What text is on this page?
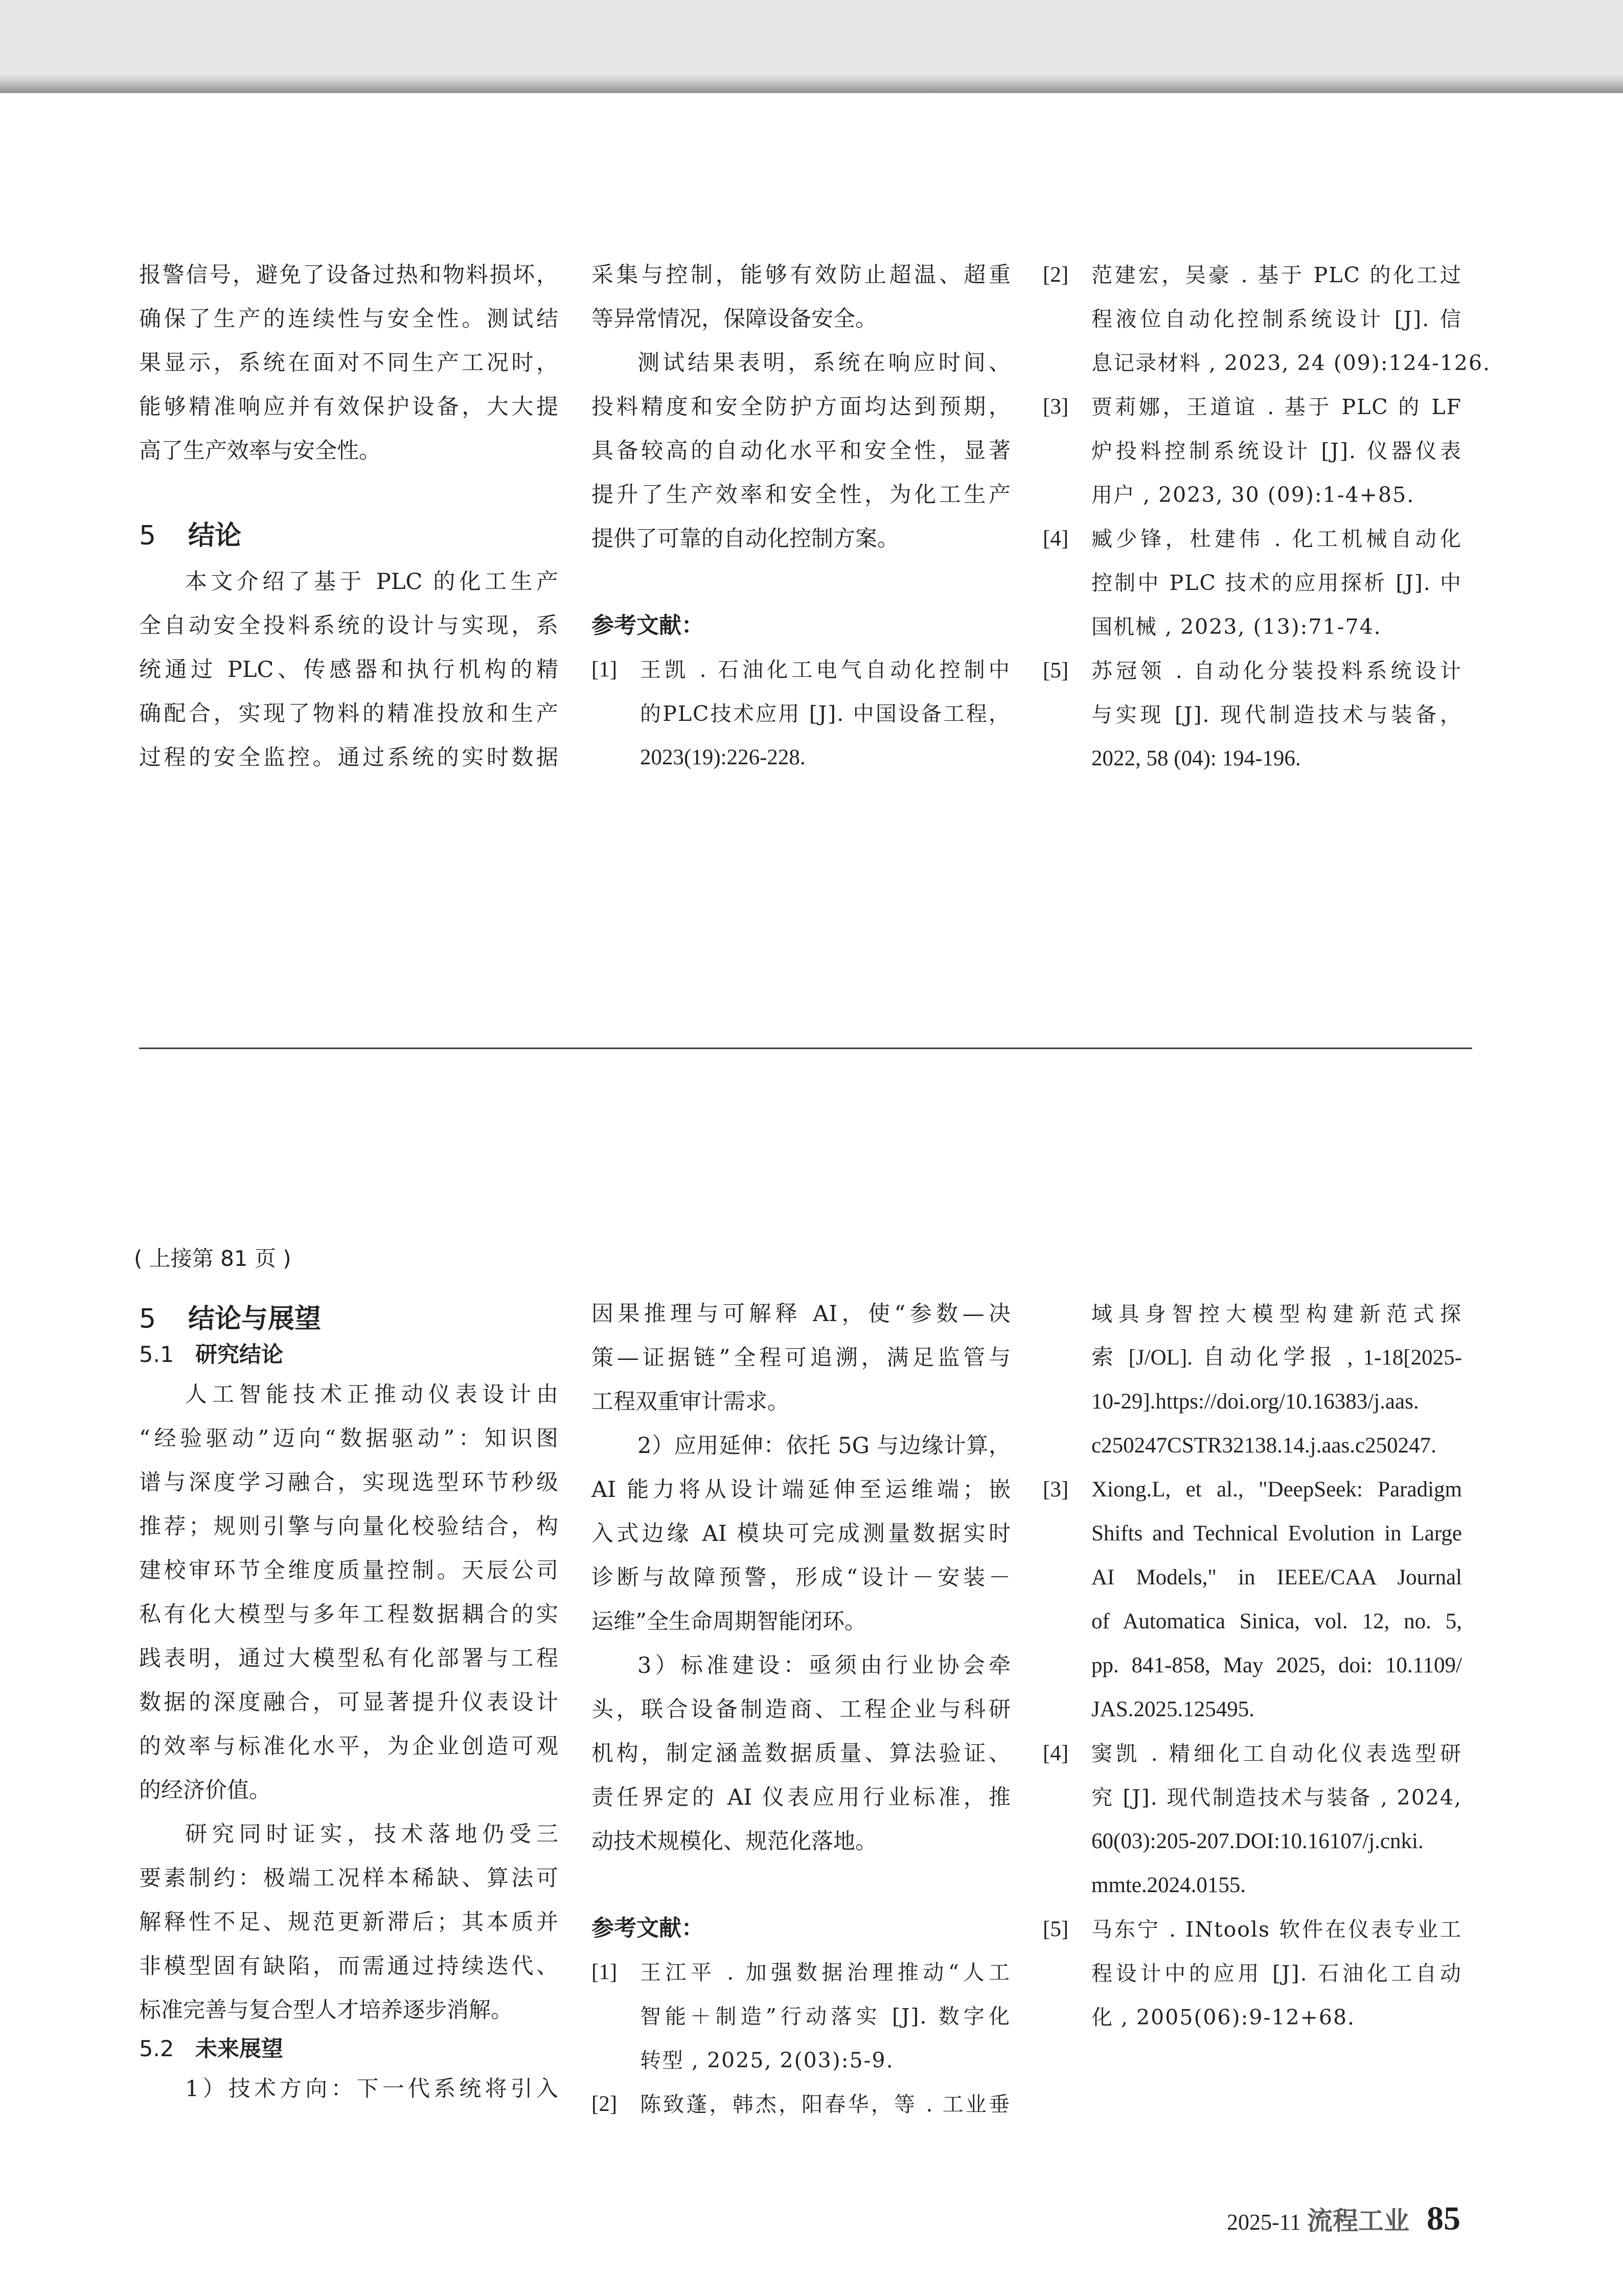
报警信号，避免了设备过热和物料损坏，
确保了生产的连续性与安全性。测试结
果显示，系统在面对不同生产工况时，
能够精准响应并有效保护设备，大大提
高了生产效率与安全性。
5 结论
本文介绍了基于 PLC 的化工生产
全自动安全投料系统的设计与实现，系
统通过 PLC、传感器和执行机构的精
确配合，实现了物料的精准投放和生产
过程的安全监控。通过系统的实时数据
采集与控制，能够有效防止超温、超重
等异常情况，保障设备安全。
测试结果表明，系统在响应时间、
投料精度和安全防护方面均达到预期，
具备较高的自动化水平和安全性，显著
提升了生产效率和安全性，为化工生产
提供了可靠的自动化控制方案。
参考文献：
[1]	王凯 . 石油化工电气自动化控制中
的PLC技术应用 [J]. 中国设备工程，
2023(19):226-228.
[2]	范建宏，吴豪 . 基于 PLC 的化工过
程液位自动化控制系统设计 [J]. 信
息记录材料 , 2023, 24 (09):124-126.
[3]	贾莉娜，王道谊 . 基于 PLC 的 LF
炉投料控制系统设计 [J]. 仪器仪表
用户 , 2023, 30 (09):1-4+85.
[4]	臧少锋，杜建伟 . 化工机械自动化
控制中 PLC 技术的应用探析 [J]. 中
国机械 , 2023, (13):71-74.
[5]	苏冠领 . 自动化分装投料系统设计
与实现 [J]. 现代制造技术与装备，
2022, 58 (04): 194-196.
( 上接第 81 页 )
5 结论与展望
5.1 研究结论
人工智能技术正推动仪表设计由
“经验驱动”迈向“数据驱动”：知识图
谱与深度学习融合，实现选型环节秒级
推荐；规则引擎与向量化校验结合，构
建校审环节全维度质量控制。天辰公司
私有化大模型与多年工程数据耦合的实
践表明，通过大模型私有化部署与工程
数据的深度融合，可显著提升仪表设计
的效率与标准化水平，为企业创造可观
的经济价值。
研究同时证实，技术落地仍受三
要素制约：极端工况样本稀缺、算法可
解释性不足、规范更新滞后；其本质并
非模型固有缺陷，而需通过持续迭代、
标准完善与复合型人才培养逐步消解。
5.2 未来展望
1）技术方向：下一代系统将引入
因果推理与可解释 AI，使“参数—决
策—证据链”全程可追溯，满足监管与
工程双重审计需求。
2）应用延伸：依托 5G 与边缘计算，
AI 能力将从设计端延伸至运维端；嵌
入式边缘 AI 模块可完成测量数据实时
诊断与故障预警，形成“设计－安装－
运维”全生命周期智能闭环。
3）标准建设：亟须由行业协会牵
头，联合设备制造商、工程企业与科研
机构，制定涵盖数据质量、算法验证、
责任界定的 AI 仪表应用行业标准，推
动技术规模化、规范化落地。
参考文献：
[1]	王江平 . 加强数据治理推动“人工
智能＋制造”行动落实 [J]. 数字化
转型 , 2025, 2(03):5-9.
[2]	陈致蓬，韩杰，阳春华，等 . 工业垂
域具身智控大模型构建新范式探
索 [J/OL]. 自动化学报 , 1-18[2025-
10-29].https://doi.org/10.16383/j.aas.
c250247CSTR32138.14.j.aas.c250247.
[3]	Xiong.L, et al., "DeepSeek: Paradigm
Shifts and Technical Evolution in Large
AI Models," in IEEE/CAA Journal
of Automatica Sinica, vol. 12, no. 5,
pp. 841-858, May 2025, doi: 10.1109/
JAS.2025.125495.
[4]	窦凯 . 精细化工自动化仪表选型研
究 [J]. 现代制造技术与装备 , 2024,
60(03):205-207.DOI:10.16107/j.cnki.
mmte.2024.0155.
[5]	马东宁 . INtools 软件在仪表专业工
程设计中的应用 [J]. 石油化工自动
化 , 2005(06):9-12+68.
2025-11 流程工业 85
